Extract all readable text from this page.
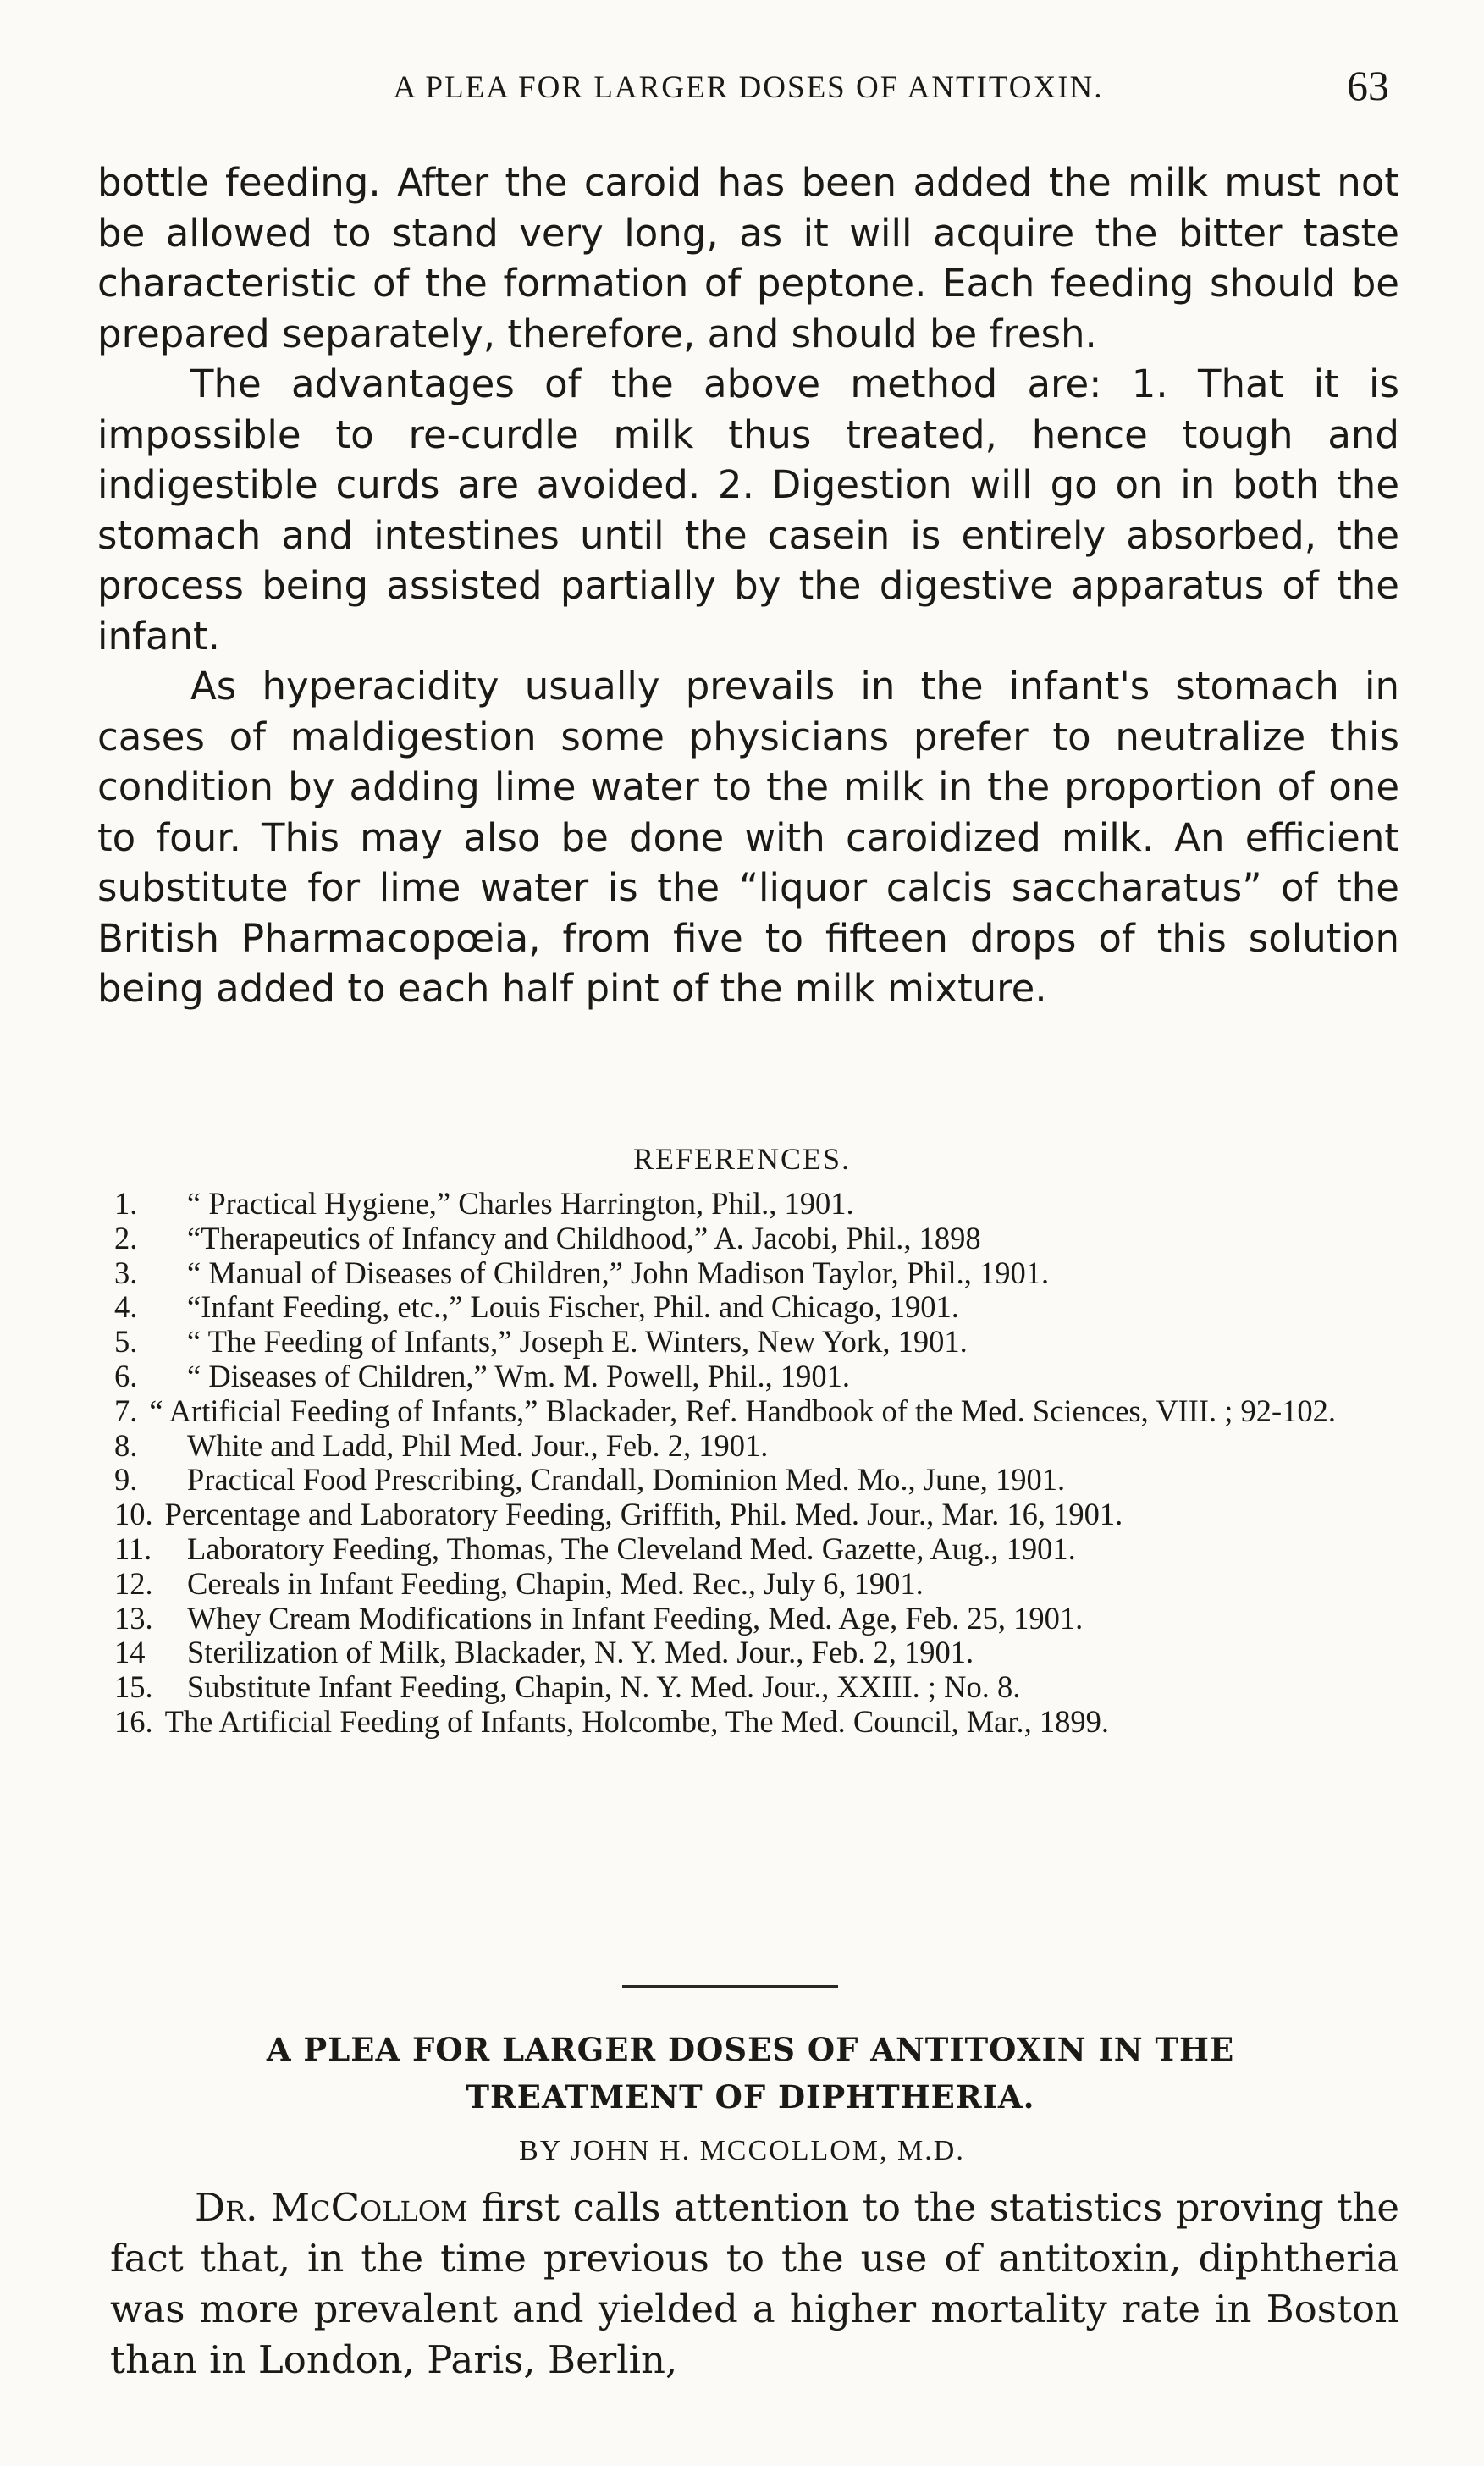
A PLEA FOR LARGER DOSES OF ANTITOXIN.	63

bottle feeding. After the caroid has been added the milk must not be allowed to stand very long, as it will acquire the bitter taste characteristic of the formation of peptone. Each feeding should be prepared separately, therefore, and should be fresh.

The advantages of the above method are: 1. That it is impossible to re-curdle milk thus treated, hence tough and indigestible curds are avoided. 2. Digestion will go on in both the stomach and intestines until the casein is entirely absorbed, the process being assisted partially by the digestive apparatus of the infant.

As hyperacidity usually prevails in the infant's stomach in cases of maldigestion some physicians prefer to neutralize this condition by adding lime water to the milk in the proportion of one to four. This may also be done with caroidized milk. An efficient substitute for lime water is the “liquor calcis saccharatus” of the British Pharmacopœia, from five to fifteen drops of this solution being added to each half pint of the milk mixture.

REFERENCES.
1. “ Practical Hygiene,” Charles Harrington, Phil., 1901.
2. “Therapeutics of Infancy and Childhood,” A. Jacobi, Phil., 1898
3. “ Manual of Diseases of Children,” John Madison Taylor, Phil., 1901.
4. “Infant Feeding, etc.,” Louis Fischer, Phil. and Chicago, 1901.
5. “ The Feeding of Infants,” Joseph E. Winters, New York, 1901.
6. “ Diseases of Children,” Wm. M. Powell, Phil., 1901.
7. “ Artificial Feeding of Infants,” Blackader, Ref. Handbook of the Med. Sciences, VIII. ; 92-102.
8. White and Ladd, Phil Med. Jour., Feb. 2, 1901.
9. Practical Food Prescribing, Crandall, Dominion Med. Mo., June, 1901.
10. Percentage and Laboratory Feeding, Griffith, Phil. Med. Jour., Mar. 16, 1901.
11. Laboratory Feeding, Thomas, The Cleveland Med. Gazette, Aug., 1901.
12. Cereals in Infant Feeding, Chapin, Med. Rec., July 6, 1901.
13. Whey Cream Modifications in Infant Feeding, Med. Age, Feb. 25, 1901.
14 Sterilization of Milk, Blackader, N. Y. Med. Jour., Feb. 2, 1901.
15. Substitute Infant Feeding, Chapin, N. Y. Med. Jour., XXIII. ; No. 8.
16. The Artificial Feeding of Infants, Holcombe, The Med. Council, Mar., 1899.
A PLEA FOR LARGER DOSES OF ANTITOXIN IN THE
TREATMENT OF DIPHTHERIA.
BY JOHN H. MCCOLLOM, M.D.

Dr. McCollom first calls attention to the statistics proving the fact that, in the time previous to the use of antitoxin, diphtheria was more prevalent and yielded a higher mortality rate in Boston than in London, Paris, Berlin,
